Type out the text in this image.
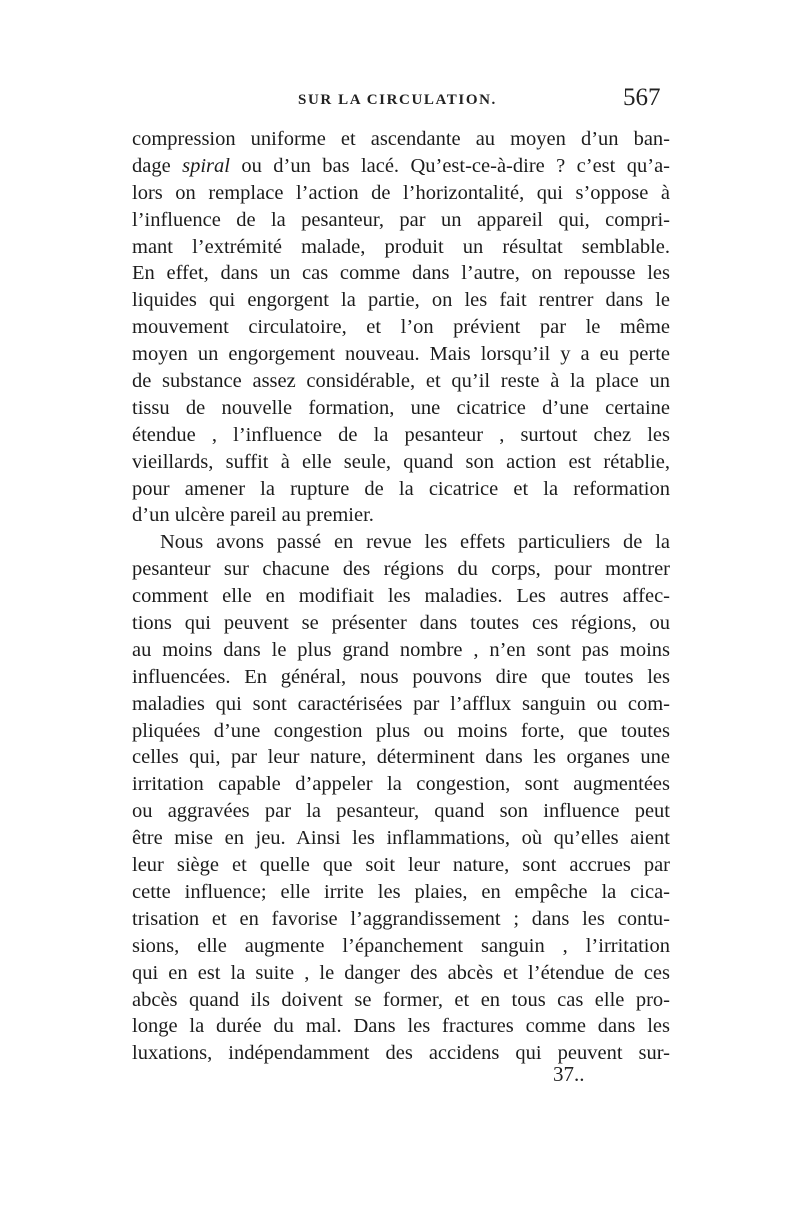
SUR LA CIRCULATION.	567
compression uniforme et ascendante au moyen d’un ban-
dage spiral ou d’un bas lacé. Qu’est-ce-à-dire ? c’est qu’a-
lors on remplace l’action de l’horizontalité, qui s’oppose à
l’influence de la pesanteur, par un appareil qui, compri-
mant l’extrémité malade, produit un résultat semblable.
En effet, dans un cas comme dans l’autre, on repousse les
liquides qui engorgent la partie, on les fait rentrer dans le
mouvement circulatoire, et l’on prévient par le même
moyen un engorgement nouveau. Mais lorsqu’il y a eu perte
de substance assez considérable, et qu’il reste à la place un
tissu de nouvelle formation, une cicatrice d’une certaine
étendue , l’influence de la pesanteur , surtout chez les
vieillards, suffit à elle seule, quand son action est rétablie,
pour amener la rupture de la cicatrice et la reformation
d’un ulcère pareil au premier.
Nous avons passé en revue les effets particuliers de la
pesanteur sur chacune des régions du corps, pour montrer
comment elle en modifiait les maladies. Les autres affec-
tions qui peuvent se présenter dans toutes ces régions, ou
au moins dans le plus grand nombre , n’en sont pas moins
influencées. En général, nous pouvons dire que toutes les
maladies qui sont caractérisées par l’afflux sanguin ou com-
pliquées d’une congestion plus ou moins forte, que toutes
celles qui, par leur nature, déterminent dans les organes une
irritation capable d’appeler la congestion, sont augmentées
ou aggravées par la pesanteur, quand son influence peut
être mise en jeu. Ainsi les inflammations, où qu’elles aient
leur siège et quelle que soit leur nature, sont accrues par
cette influence; elle irrite les plaies, en empêche la cica-
trisation et en favorise l’aggrandissement ; dans les contu-
sions, elle augmente l’épanchement sanguin , l’irritation
qui en est la suite , le danger des abcès et l’étendue de ces
abcès quand ils doivent se former, et en tous cas elle pro-
longe la durée du mal. Dans les fractures comme dans les
luxations, indépendamment des accidens qui peuvent sur-
37..
